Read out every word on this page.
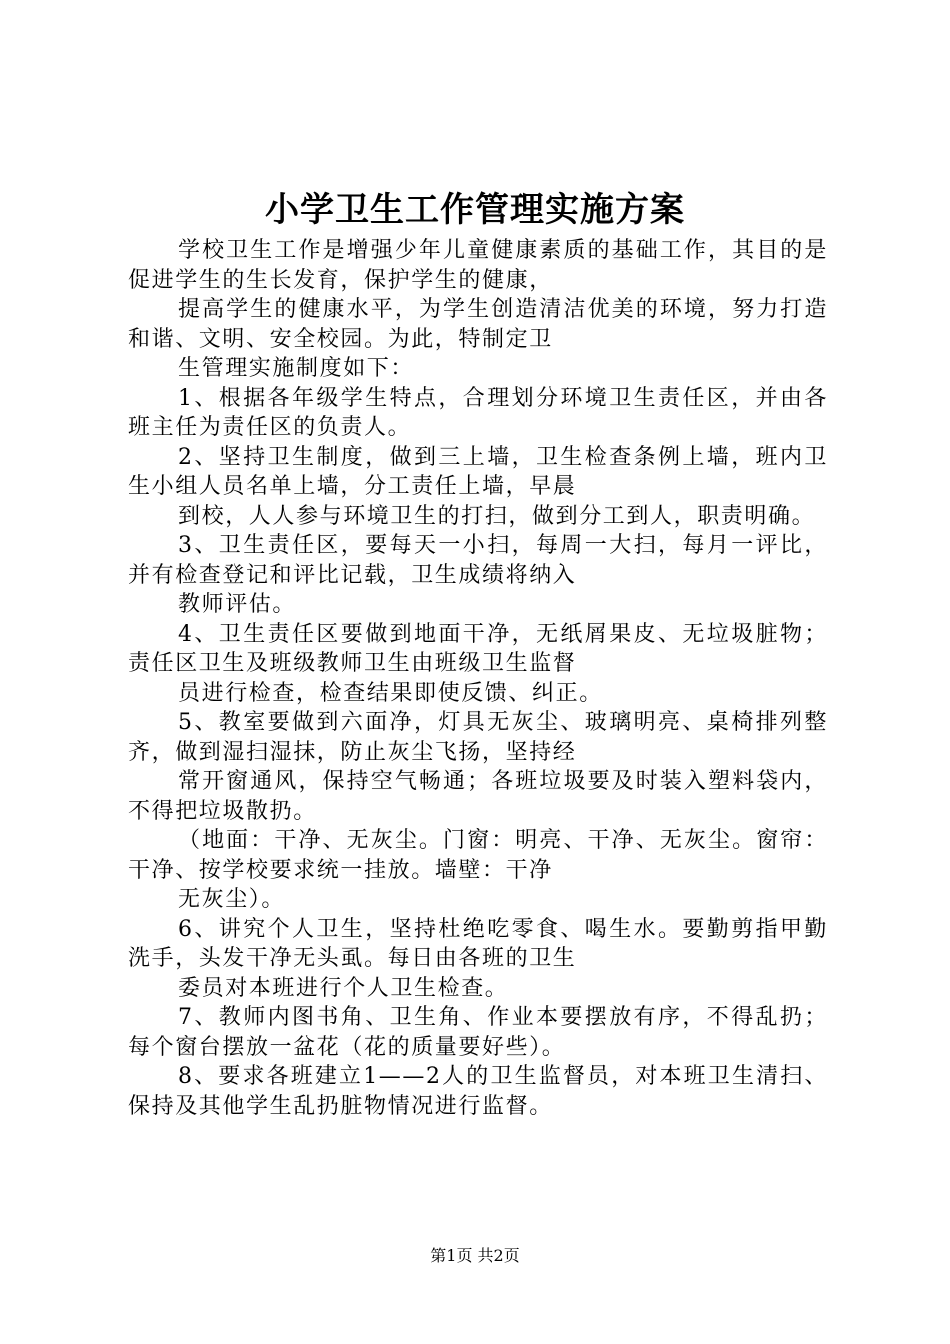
小学卫生工作管理实施方案

学校卫生工作是增强少年儿童健康素质的基础工作，其目的是促进学生的生长发育，保护学生的健康，

提高学生的健康水平，为学生创造清洁优美的环境，努力打造和谐、文明、安全校园。为此，特制定卫

生管理实施制度如下：

1、根据各年级学生特点，合理划分环境卫生责任区，并由各班主任为责任区的负责人。

2、坚持卫生制度，做到三上墙，卫生检查条例上墙，班内卫生小组人员名单上墙，分工责任上墙，早晨

到校，人人参与环境卫生的打扫，做到分工到人，职责明确。

3、卫生责任区，要每天一小扫，每周一大扫，每月一评比，并有检查登记和评比记载，卫生成绩将纳入

教师评估。

4、卫生责任区要做到地面干净，无纸屑果皮、无垃圾脏物；责任区卫生及班级教师卫生由班级卫生监督

员进行检查，检查结果即使反馈、纠正。

5、教室要做到六面净，灯具无灰尘、玻璃明亮、桌椅排列整齐，做到湿扫湿抹，防止灰尘飞扬，坚持经

常开窗通风，保持空气畅通；各班垃圾要及时装入塑料袋内，不得把垃圾散扔。

（地面：干净、无灰尘。门窗：明亮、干净、无灰尘。窗帘：干净、按学校要求统一挂放。墙壁：干净

无灰尘）。

6、讲究个人卫生，坚持杜绝吃零食、喝生水。要勤剪指甲勤洗手，头发干净无头虱。每日由各班的卫生

委员对本班进行个人卫生检查。

7、教师内图书角、卫生角、作业本要摆放有序，不得乱扔；每个窗台摆放一盆花（花的质量要好些）。

8、要求各班建立1——2人的卫生监督员，对本班卫生清扫、保持及其他学生乱扔脏物情况进行监督。

第1页 共2页
